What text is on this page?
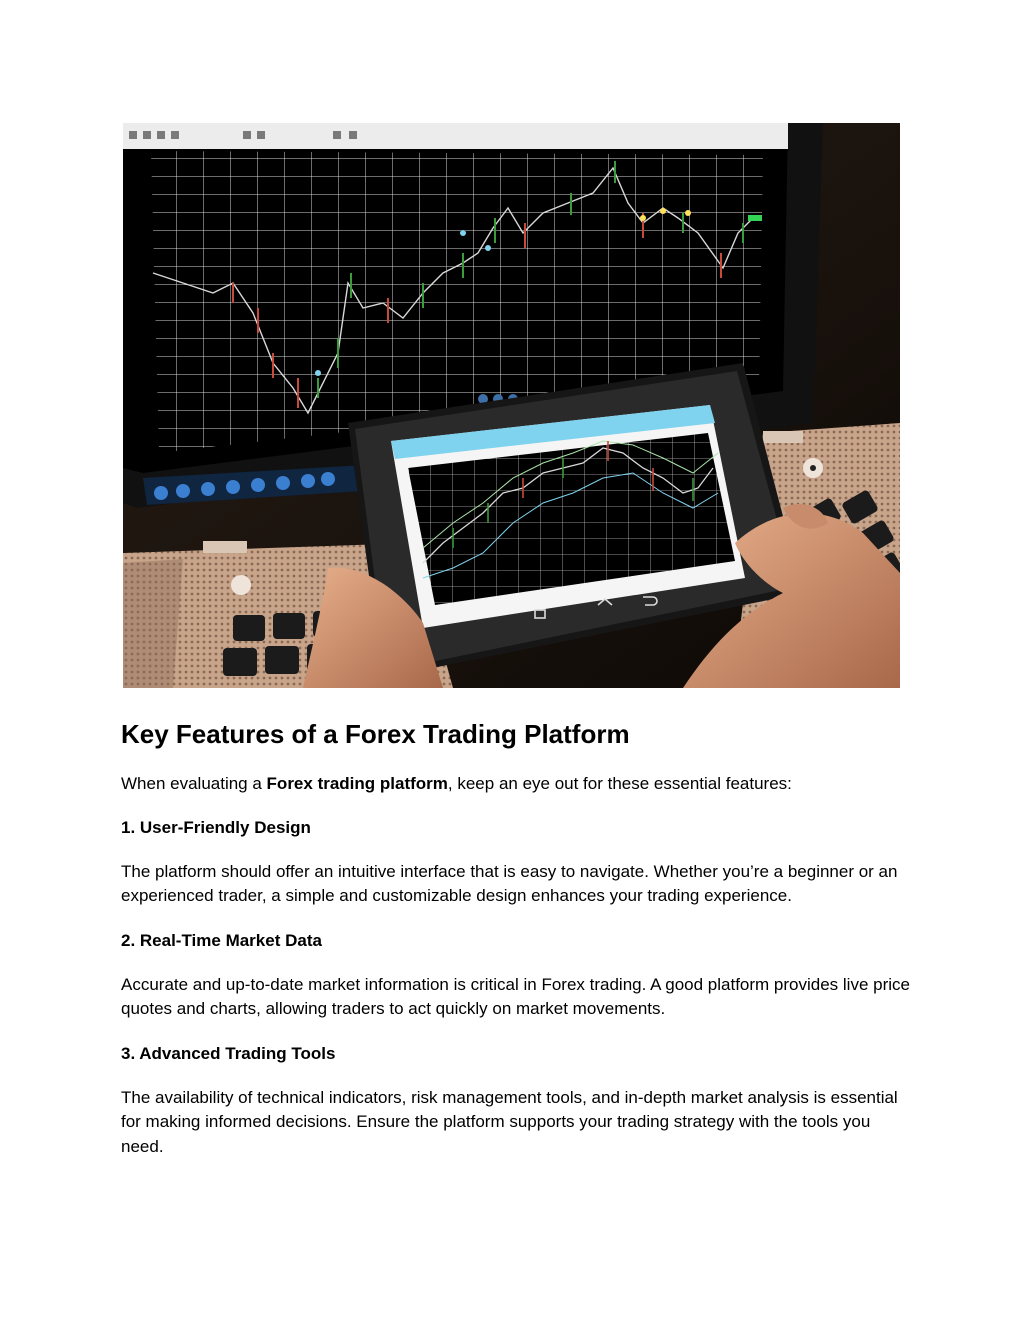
Key Features of a Forex Trading Platform

When evaluating a Forex trading platform, keep an eye out for these essential features:

1. User-Friendly Design

The platform should offer an intuitive interface that is easy to navigate. Whether you’re a beginner or an experienced trader, a simple and customizable design enhances your trading experience.

2. Real-Time Market Data

Accurate and up-to-date market information is critical in Forex trading. A good platform provides live price quotes and charts, allowing traders to act quickly on market movements.

3. Advanced Trading Tools

The availability of technical indicators, risk management tools, and in-depth market analysis is essential for making informed decisions. Ensure the platform supports your trading strategy with the tools you need.
